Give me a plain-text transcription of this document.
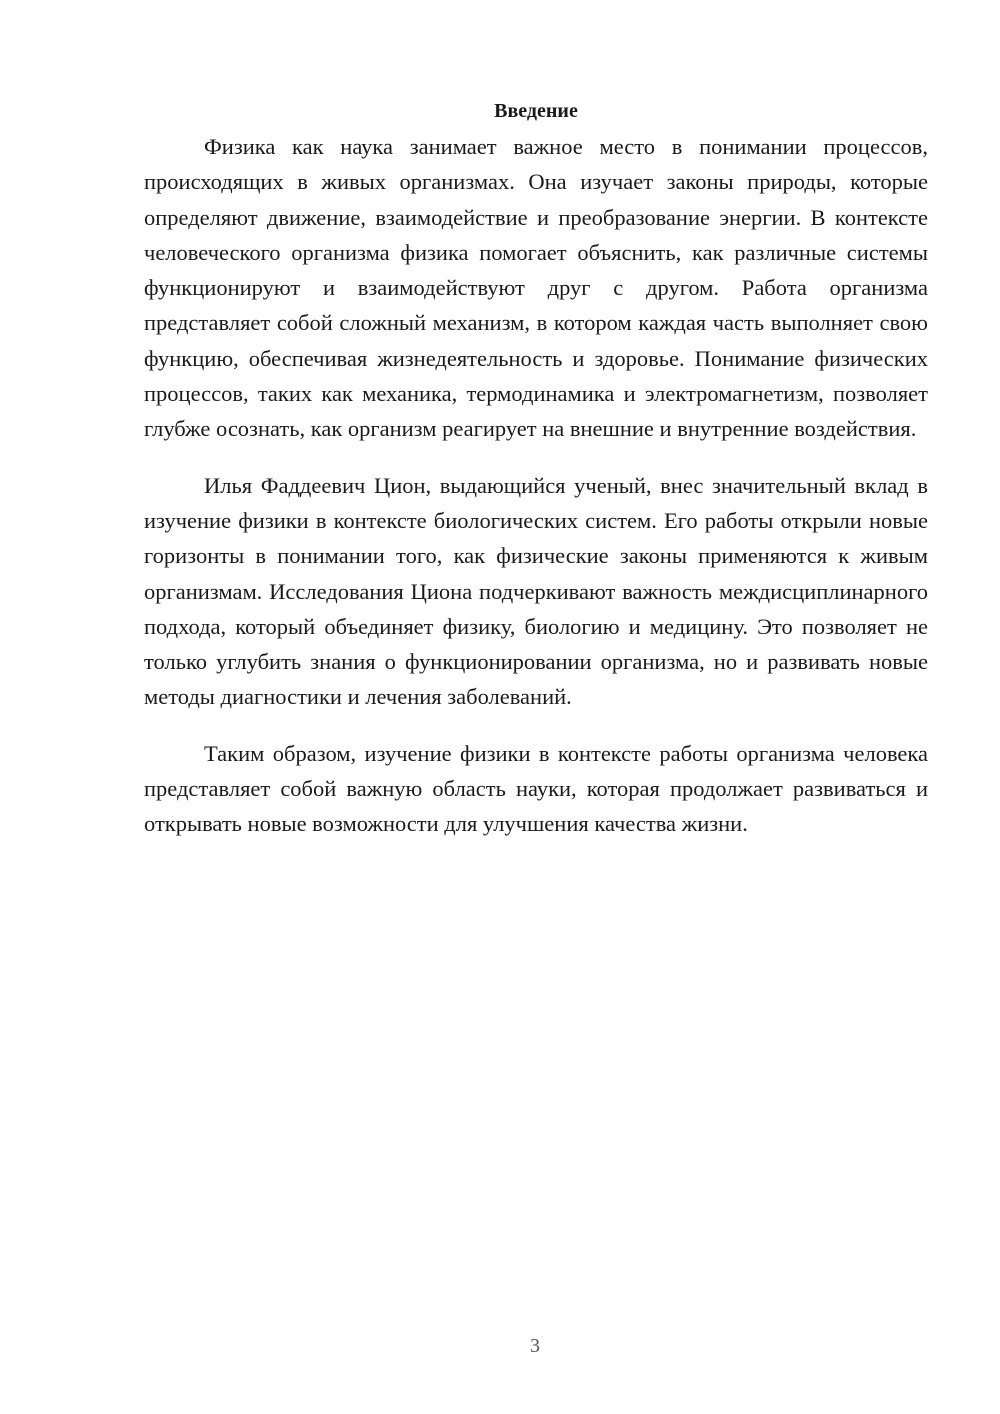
Введение

Физика как наука занимает важное место в понимании процессов, происходящих в живых организмах. Она изучает законы природы, которые определяют движение, взаимодействие и преобразование энергии. В контексте человеческого организма физика помогает объяснить, как различные системы функционируют и взаимодействуют друг с другом. Работа организма представляет собой сложный механизм, в котором каждая часть выполняет свою функцию, обеспечивая жизнедеятельность и здоровье. Понимание физических процессов, таких как механика, термодинамика и электромагнетизм, позволяет глубже осознать, как организм реагирует на внешние и внутренние воздействия.

Илья Фаддеевич Цион, выдающийся ученый, внес значительный вклад в изучение физики в контексте биологических систем. Его работы открыли новые горизонты в понимании того, как физические законы применяются к живым организмам. Исследования Циона подчеркивают важность междисциплинарного подхода, который объединяет физику, биологию и медицину. Это позволяет не только углубить знания о функционировании организма, но и развивать новые методы диагностики и лечения заболеваний.

Таким образом, изучение физики в контексте работы организма человека представляет собой важную область науки, которая продолжает развиваться и открывать новые возможности для улучшения качества жизни.

3
